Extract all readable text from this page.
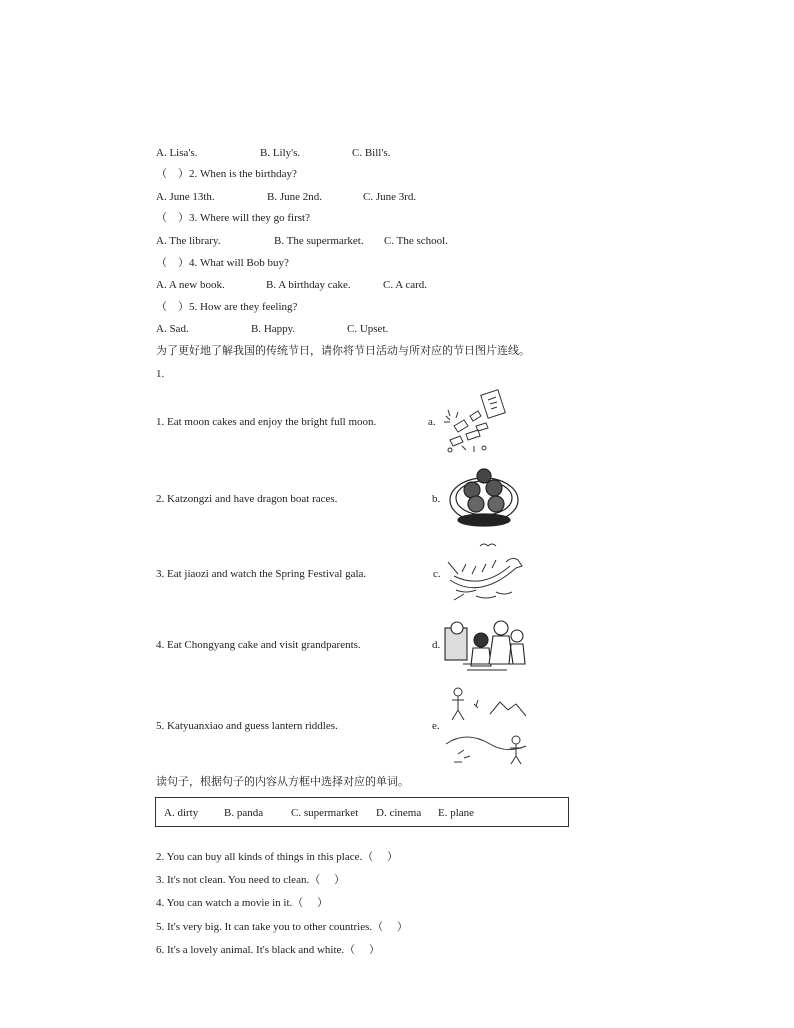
A. Lisa's.	B. Lily's.	C. Bill's.
（　）2. When is the birthday?
A. June 13th.	B. June 2nd.	C. June 3rd.
（　）3. Where will they go first?
A. The library.	B. The supermarket. C. The school.
（　）4. What will Bob buy?
A. A new book.	B. A birthday cake.	C. A card.
（　）5. How are they feeling?
A. Sad.	B. Happy.	C. Upset.
为了更好地了解我国的传统节日，请你将节日活动与所对应的节日图片连线。
1.
1. Eat moon cakes and enjoy the bright full moon.	a.
2. Katzongzi and have dragon boat races.	b.
3. Eat jiaozi and watch the Spring Festival gala.	c.
4. Eat Chongyang cake and visit grandparents.	d.
5. Katyuanxiao and guess lantern riddles.	e.
读句子，根据句子的内容从方框中选择对应的单词。
A. dirty B. panda	C. supermarket D. cinema E. plane
2. You can buy all kinds of things in this place.（　 ）
3. It's not clean. You need to clean.（　 ）
4. You can watch a movie in it.（　 ）
5. It's very big. It can take you to other countries.（　 ）
6. It's a lovely animal. It's black and white.（　 ）
